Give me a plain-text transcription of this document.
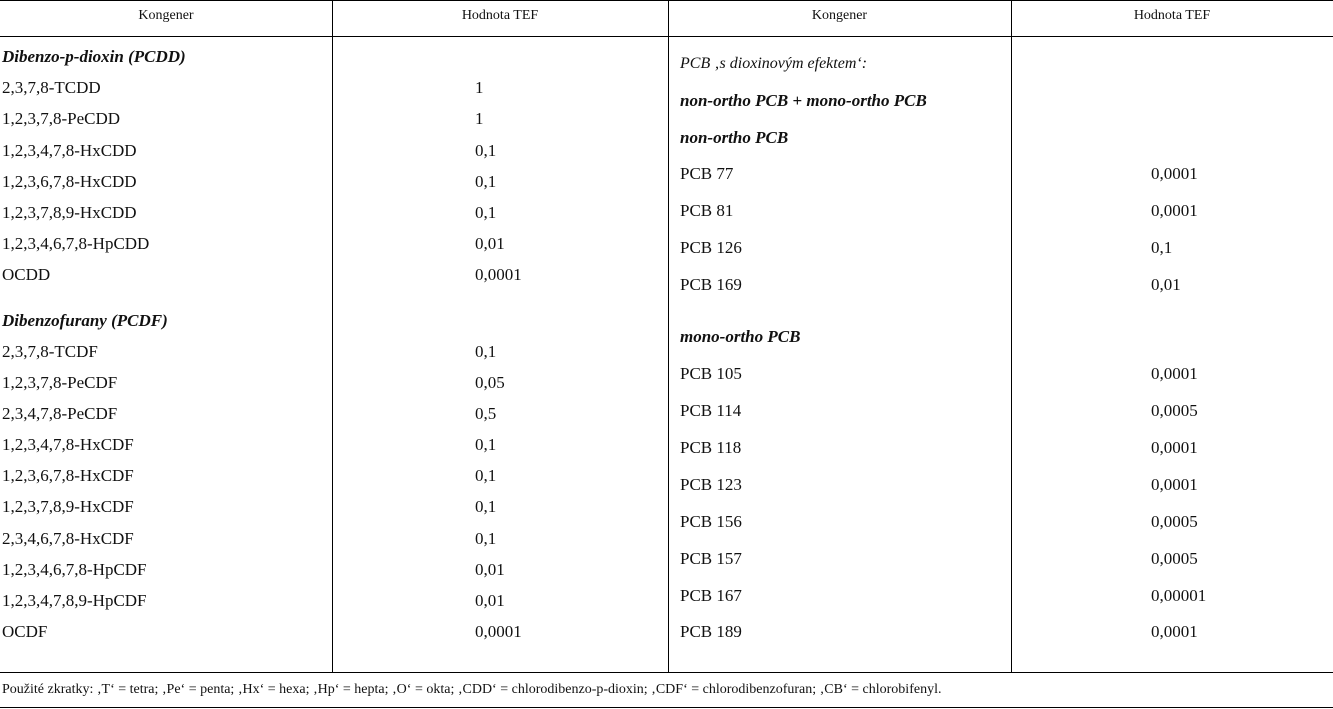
Kongener	Hodnota TEF	Kongener	Hodnota TEF
Dibenzo-p-dioxin (PCDD)
2,3,7,8-TCDD	1
1,2,3,7,8-PeCDD	1
1,2,3,4,7,8-HxCDD	0,1
1,2,3,6,7,8-HxCDD	0,1
1,2,3,7,8,9-HxCDD	0,1
1,2,3,4,6,7,8-HpCDD	0,01
OCDD	0,0001
Dibenzofurany (PCDF)
2,3,7,8-TCDF	0,1
1,2,3,7,8-PeCDF	0,05
2,3,4,7,8-PeCDF	0,5
1,2,3,4,7,8-HxCDF	0,1
1,2,3,6,7,8-HxCDF	0,1
1,2,3,7,8,9-HxCDF	0,1
2,3,4,6,7,8-HxCDF	0,1
1,2,3,4,6,7,8-HpCDF	0,01
1,2,3,4,7,8,9-HpCDF	0,01
OCDF	0,0001
PCB ‚s dioxinovým efektem‘:
non-ortho PCB + mono-ortho PCB
non-ortho PCB
PCB 77	0,0001
PCB 81	0,0001
PCB 126	0,1
PCB 169	0,01
mono-ortho PCB
PCB 105	0,0001
PCB 114	0,0005
PCB 118	0,0001
PCB 123	0,0001
PCB 156	0,0005
PCB 157	0,0005
PCB 167	0,00001
PCB 189	0,0001
Použité zkratky: ‚T‘ = tetra; ‚Pe‘ = penta; ‚Hx‘ = hexa; ‚Hp‘ = hepta; ‚O‘ = okta; ‚CDD‘ = chlorodibenzo-p-dioxin; ‚CDF‘ = chlorodibenzofuran; ‚CB‘ = chlorobifenyl.
